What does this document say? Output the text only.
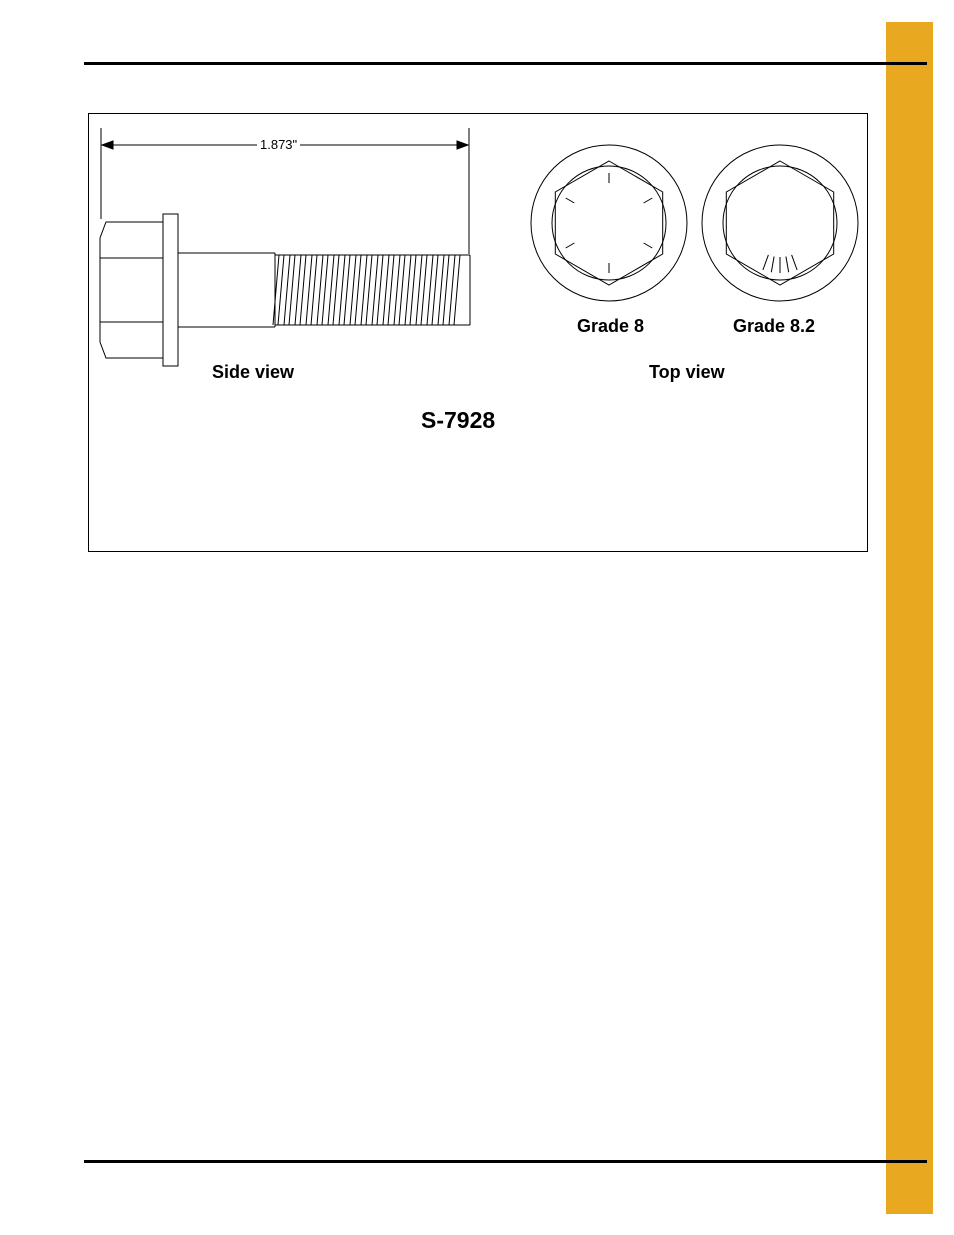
1.873"
Grade 8	Grade 8.2
Side view	Top view
S-7928
